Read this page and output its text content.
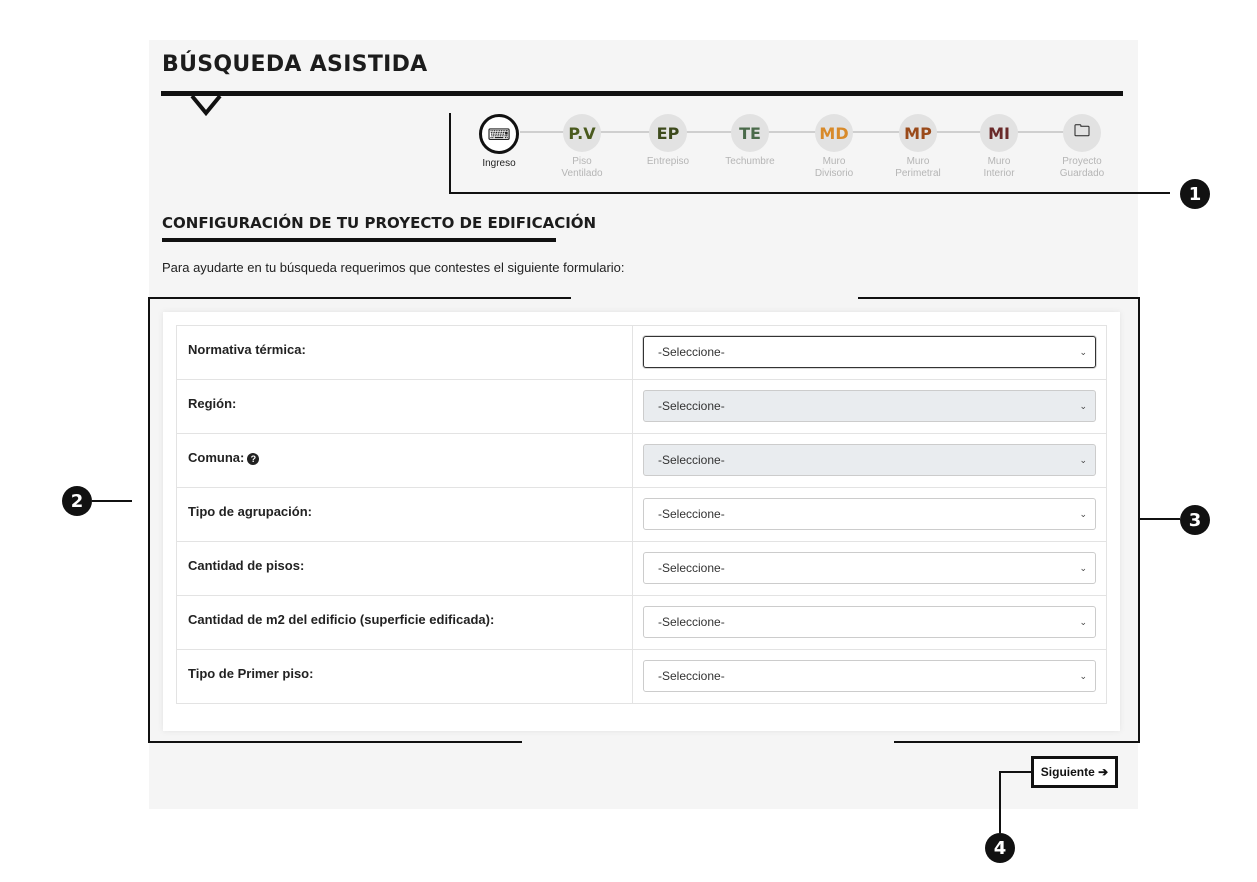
BÚSQUEDA ASISTIDA
⌨
Ingreso
P.V
Piso
Ventilado
EP
Entrepiso
TE
Techumbre
MD
Muro
Divisorio
MP
Muro
Perimetral
MI
Muro
Interior
🗀
Proyecto
Guardado
1
2
3
4
CONFIGURACIÓN DE TU PROYECTO DE EDIFICACIÓN
Para ayudarte en tu búsqueda requerimos que contestes el siguiente formulario:
Normativa térmica:	-Seleccione-	⌄
Región:	-Seleccione-	⌄
Comuna: ?	-Seleccione-	⌄
Tipo de agrupación:	-Seleccione-	⌄
Cantidad de pisos:	-Seleccione-	⌄
Cantidad de m2 del edificio (superficie edificada):	-Seleccione-	⌄
Tipo de Primer piso:	-Seleccione-	⌄
Siguiente
➔
